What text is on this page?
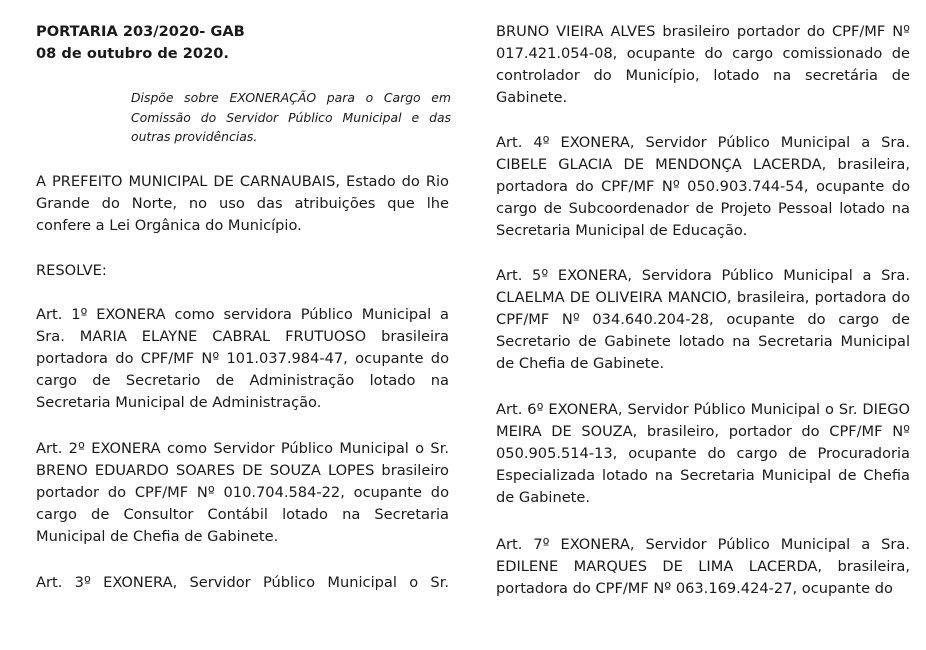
PORTARIA 203/2020- GAB
08 de outubro de 2020.
Dispõe sobre EXONERAÇÃO para o Cargo em Comissão do Servidor Público Municipal e das outras providências.

A PREFEITO MUNICIPAL DE CARNAUBAIS, Estado do Rio Grande do Norte, no uso das atribuições que lhe confere a Lei Orgânica do Município.

RESOLVE:

Art. 1º EXONERA como servidora Público Municipal a Sra. MARIA ELAYNE CABRAL FRUTUOSO brasileira portadora do CPF/MF Nº 101.037.984-47, ocupante do cargo de Secretario de Administração lotado na Secretaria Municipal de Administração.

Art. 2º EXONERA como Servidor Público Municipal o Sr. BRENO EDUARDO SOARES DE SOUZA LOPES brasileiro portador do CPF/MF Nº 010.704.584-22, ocupante do cargo de Consultor Contábil lotado na Secretaria Municipal de Chefia de Gabinete.

Art. 3º EXONERA, Servidor Público Municipal o Sr.

BRUNO VIEIRA ALVES brasileiro portador do CPF/MF Nº 017.421.054-08, ocupante do cargo comissionado de controlador do Município, lotado na secretária de Gabinete.

Art. 4º EXONERA, Servidor Público Municipal a Sra. CIBELE GLACIA DE MENDONÇA LACERDA, brasileira, portadora do CPF/MF Nº 050.903.744-54, ocupante do cargo de Subcoordenador de Projeto Pessoal lotado na Secretaria Municipal de Educação.

Art. 5º EXONERA, Servidora Público Municipal a Sra. CLAELMA DE OLIVEIRA MANCIO, brasileira, portadora do CPF/MF Nº 034.640.204-28, ocupante do cargo de Secretario de Gabinete lotado na Secretaria Municipal de Chefia de Gabinete.

Art. 6º EXONERA, Servidor Público Municipal o Sr. DIEGO MEIRA DE SOUZA, brasileiro, portador do CPF/MF Nº 050.905.514-13, ocupante do cargo de Procuradoria Especializada lotado na Secretaria Municipal de Chefia de Gabinete.

Art. 7º EXONERA, Servidor Público Municipal a Sra. EDILENE MARQUES DE LIMA LACERDA, brasileira, portadora do CPF/MF Nº 063.169.424-27, ocupante do
